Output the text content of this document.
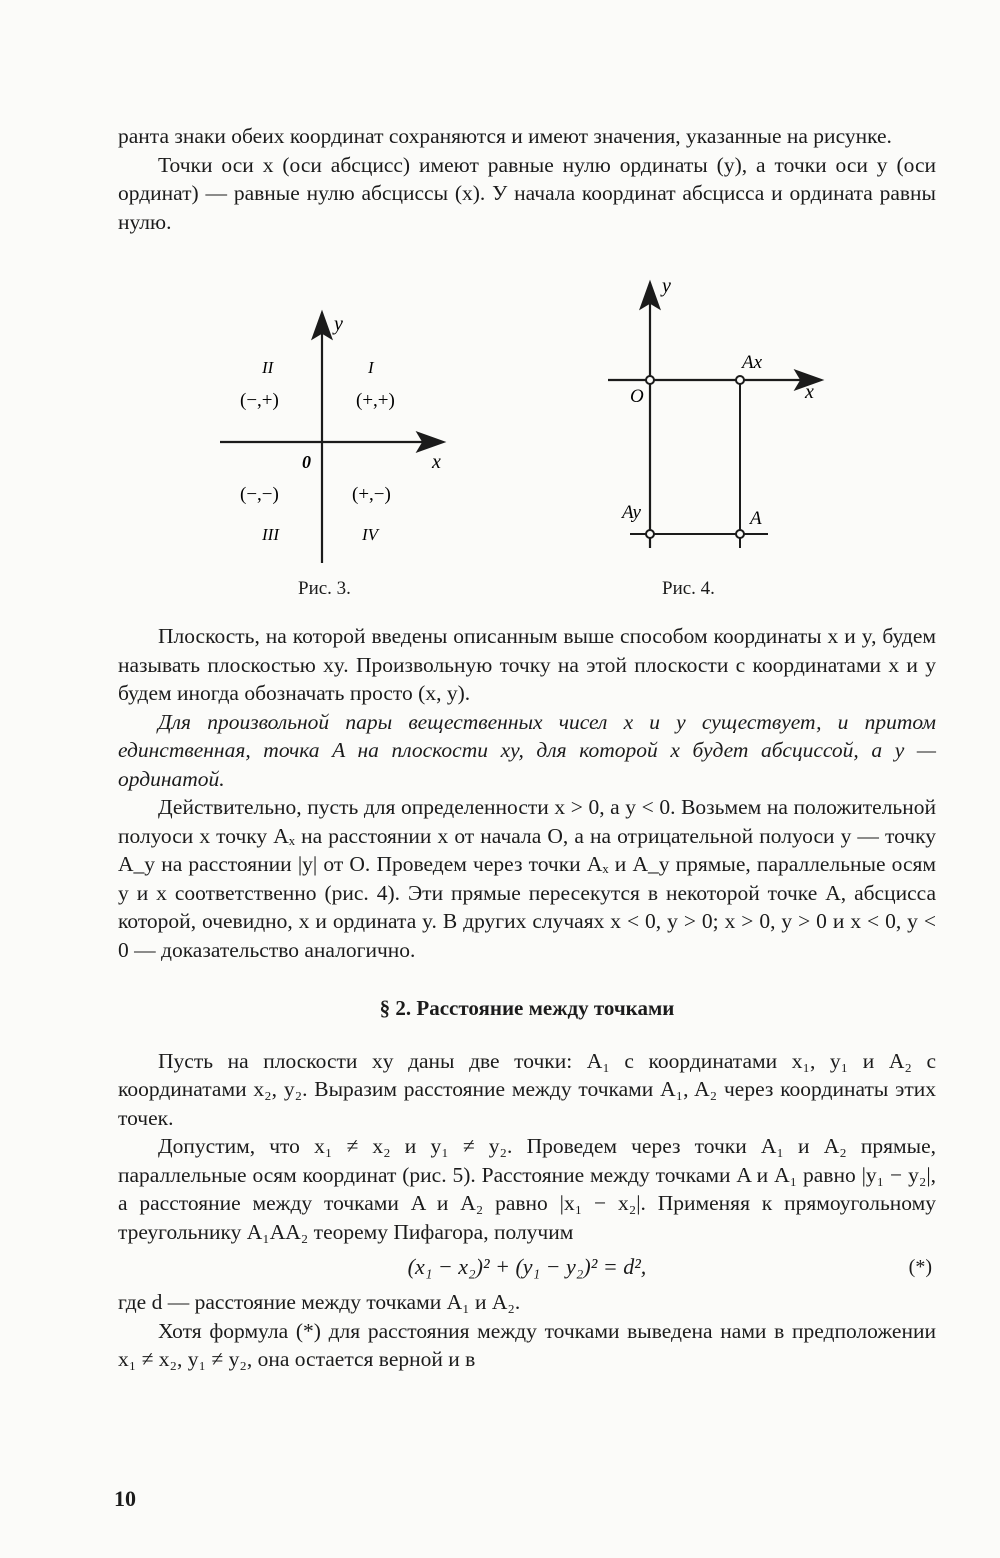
ранта знаки обеих координат сохраняются и имеют значения, указанные на рисунке.

Точки оси x (оси абсцисс) имеют равные нулю ординаты (y), а точки оси y (оси ординат) — равные нулю абсциссы (x). У начала координат абсцисса и ордината равны нулю.

y
x
0
II	I
(−,+)	(+,+)
(−,−)	(+,−)
III	IV
y
x
O
Ax
Ay	A
Рис. 3.	Рис. 4.

Плоскость, на которой введены описанным выше способом координаты x и y, будем называть плоскостью xy. Произвольную точку на этой плоскости с координатами x и y будем иногда обозначать просто (x, y).

Для произвольной пары вещественных чисел x и y существует, и притом единственная, точка A на плоскости xy, для которой x будет абсциссой, а y — ординатой.

Действительно, пусть для определенности x > 0, а y < 0. Возьмем на положительной полуоси x точку Aₓ на расстоянии x от начала O, а на отрицательной полуоси y — точку A_y на расстоянии |y| от O. Проведем через точки Aₓ и A_y прямые, параллельные осям y и x соответственно (рис. 4). Эти прямые пересекутся в некоторой точке A, абсцисса которой, очевидно, x и ордината y. В других случаях x < 0, y > 0; x > 0, y > 0 и x < 0, y < 0 — доказательство аналогично.

§ 2. Расстояние между точками

Пусть на плоскости xy даны две точки: A₁ с координатами x₁, y₁ и A₂ с координатами x₂, y₂. Выразим расстояние между точками A₁, A₂ через координаты этих точек.

Допустим, что x₁ ≠ x₂ и y₁ ≠ y₂. Проведем через точки A₁ и A₂ прямые, параллельные осям координат (рис. 5). Расстояние между точками A и A₁ равно |y₁ − y₂|, а расстояние между точками A и A₂ равно |x₁ − x₂|. Применяя к прямоугольному треугольнику A₁AA₂ теорему Пифагора, получим

(x₁ − x₂)² + (y₁ − y₂)² = d²,	(*)

где d — расстояние между точками A₁ и A₂.

Хотя формула (*) для расстояния между точками выведена нами в предположении x₁ ≠ x₂, y₁ ≠ y₂, она остается верной и в

10
